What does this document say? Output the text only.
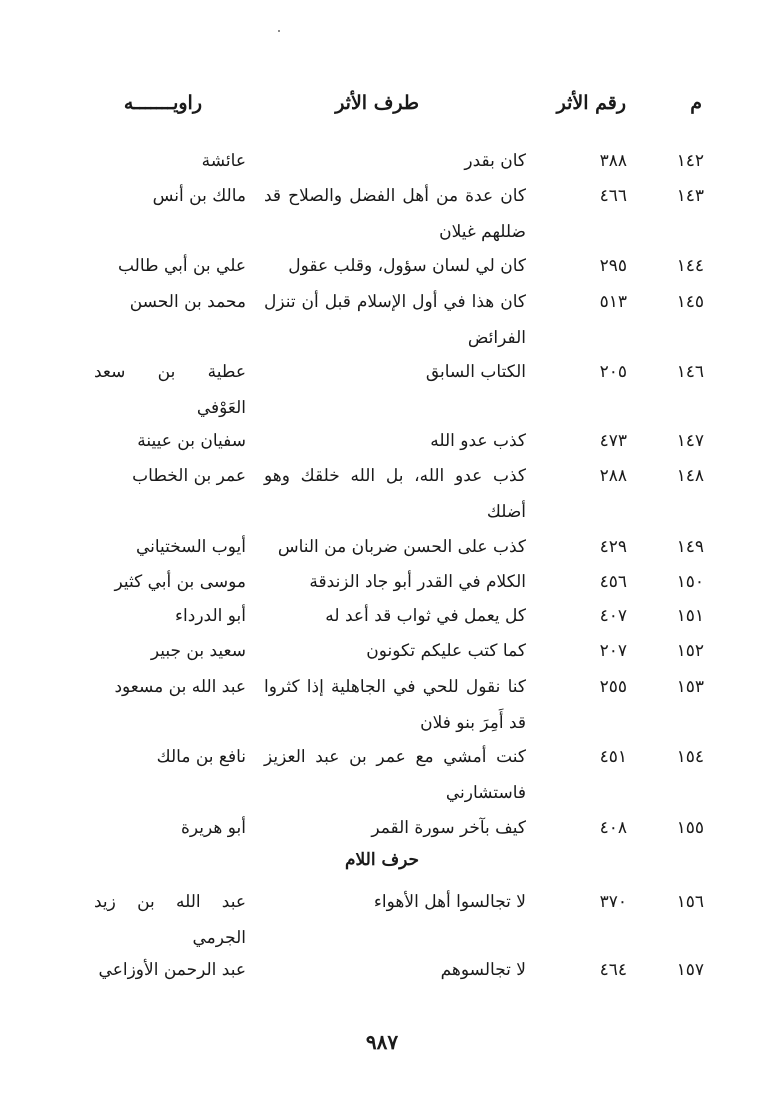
م
رقم الأثر
طرف الأثر
راويـــــــه
١٤٢
٣٨٨
كان بقدر
عائشة
١٤٣
٤٦٦
كان عدة من أهل الفضل والصلاح قد ضللهم غيلان
مالك بن أنس
١٤٤
٢٩٥
كان لي لسان سؤول، وقلب عقول
علي بن أبي طالب
١٤٥
٥١٣
كان هذا في أول الإسلام قبل أن تنزل الفرائض
محمد بن الحسن
١٤٦
٢٠٥
الكتاب السابق
عطية بن سعد العَوْفي
١٤٧
٤٧٣
كذب عدو الله
سفيان بن عيينة
١٤٨
٢٨٨
كذب عدو الله، بل الله خلقك وهو أضلك
عمر بن الخطاب
١٤٩
٤٢٩
كذب على الحسن ضربان من الناس
أيوب السختياني
١٥٠
٤٥٦
الكلام في القدر أبو جاد الزندقة
موسى بن أبي كثير
١٥١
٤٠٧
كل يعمل في ثواب قد أعد له
أبو الدرداء
١٥٢
٢٠٧
كما كتب عليكم تكونون
سعيد بن جبير
١٥٣
٢٥٥
كنا نقول للحي في الجاهلية إذا كثروا قد أَمِرَ بنو فلان
عبد الله بن مسعود
١٥٤
٤٥١
كنت أمشي مع عمر بن عبد العزيز فاستشارني
نافع بن مالك
١٥٥
٤٠٨
كيف بآخر سورة القمر
أبو هريرة
حرف اللام
١٥٦
٣٧٠
لا تجالسوا أهل الأهواء
عبد الله بن زيد الجرمي
١٥٧
٤٦٤
لا تجالسوهم
عبد الرحمن الأوزاعي
٩٨٧
